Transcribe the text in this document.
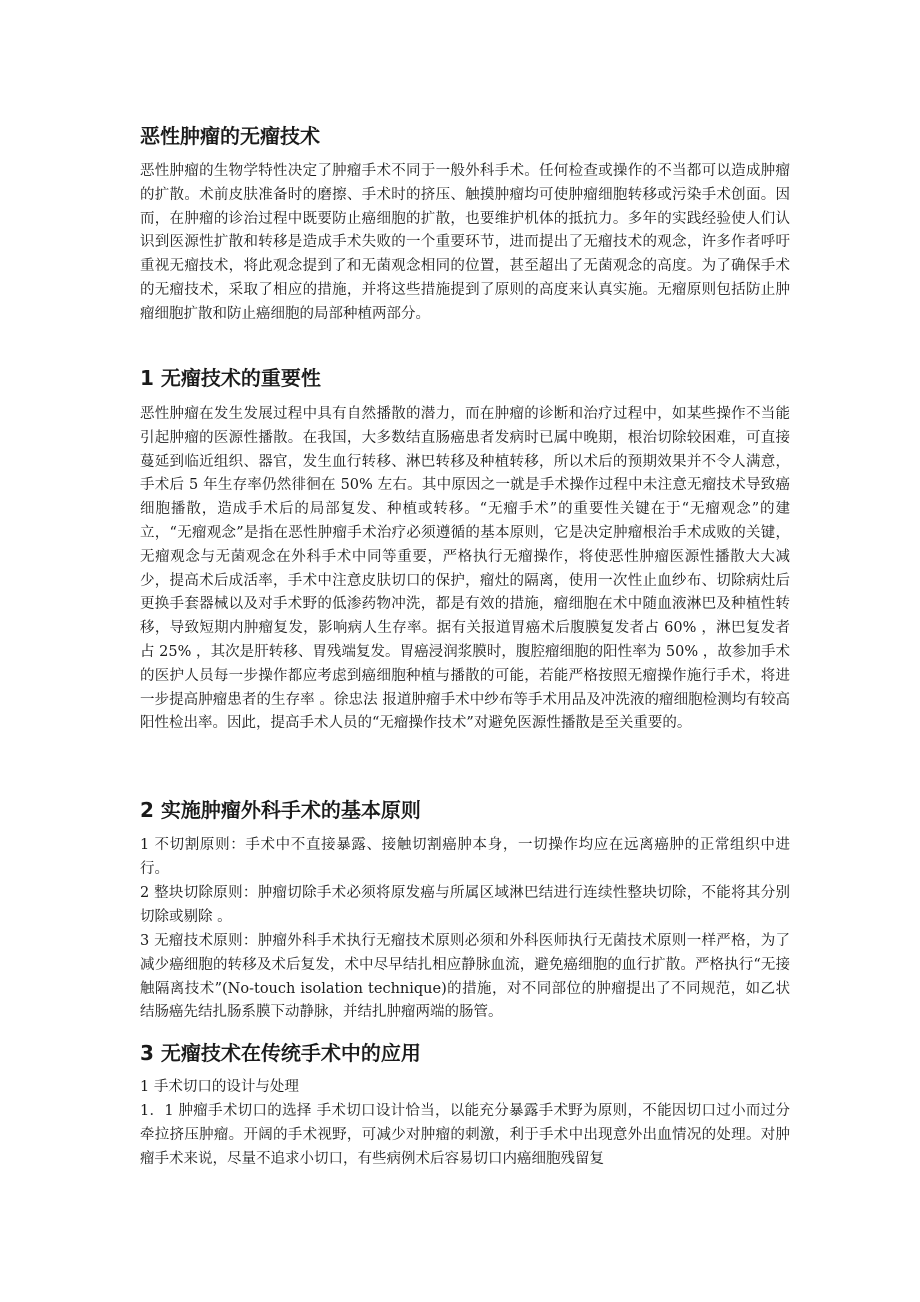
恶性肿瘤的无瘤技术

恶性肿瘤的生物学特性决定了肿瘤手术不同于一般外科手术。任何检查或操作的不当都可以造成肿瘤的扩散。术前皮肤准备时的磨擦、手术时的挤压、触摸肿瘤均可使肿瘤细胞转移或污染手术创面。因而，在肿瘤的诊治过程中既要防止癌细胞的扩散，也要维护机体的抵抗力。多年的实践经验使人们认识到医源性扩散和转移是造成手术失败的一个重要环节，进而提出了无瘤技术的观念，许多作者呼吁重视无瘤技术，将此观念提到了和无菌观念相同的位置，甚至超出了无菌观念的高度。为了确保手术的无瘤技术，采取了相应的措施，并将这些措施提到了原则的高度来认真实施。无瘤原则包括防止肿瘤细胞扩散和防止癌细胞的局部种植两部分。

1 无瘤技术的重要性

恶性肿瘤在发生发展过程中具有自然播散的潜力，而在肿瘤的诊断和治疗过程中，如某些操作不当能引起肿瘤的医源性播散。在我国，大多数结直肠癌患者发病时已属中晚期，根治切除较困难，可直接蔓延到临近组织、器官，发生血行转移、淋巴转移及种植转移，所以术后的预期效果并不令人满意，手术后 5 年生存率仍然徘徊在 50% 左右。其中原因之一就是手术操作过程中未注意无瘤技术导致癌细胞播散，造成手术后的局部复发、种植或转移。“无瘤手术”的重要性关键在于“无瘤观念”的建立，“无瘤观念”是指在恶性肿瘤手术治疗必须遵循的基本原则，它是决定肿瘤根治手术成败的关键，无瘤观念与无菌观念在外科手术中同等重要，严格执行无瘤操作，将使恶性肿瘤医源性播散大大减少，提高术后成活率，手术中注意皮肤切口的保护，瘤灶的隔离，使用一次性止血纱布、切除病灶后更换手套器械以及对手术野的低渗药物冲洗，都是有效的措施，瘤细胞在术中随血液淋巴及种植性转移，导致短期内肿瘤复发，影响病人生存率。据有关报道胃癌术后腹膜复发者占 60% ，淋巴复发者占 25% ，其次是肝转移、胃残端复发。胃癌浸润浆膜时，腹腔瘤细胞的阳性率为 50% ，故参加手术的医护人员每一步操作都应考虑到癌细胞种植与播散的可能，若能严格按照无瘤操作施行手术，将进一步提高肿瘤患者的生存率 。徐忠法 报道肿瘤手术中纱布等手术用品及冲洗液的瘤细胞检测均有较高阳性检出率。因此，提高手术人员的“无瘤操作技术”对避免医源性播散是至关重要的。

2 实施肿瘤外科手术的基本原则

1 不切割原则：手术中不直接暴露、接触切割癌肿本身，一切操作均应在远离癌肿的正常组织中进行。

2 整块切除原则：肿瘤切除手术必须将原发癌与所属区域淋巴结进行连续性整块切除，不能将其分别切除或剔除 。

3 无瘤技术原则：肿瘤外科手术执行无瘤技术原则必须和外科医师执行无菌技术原则一样严格，为了减少癌细胞的转移及术后复发，术中尽早结扎相应静脉血流，避免癌细胞的血行扩散。严格执行“无接触隔离技术”(No-touch isolation technique)的措施，对不同部位的肿瘤提出了不同规范，如乙状结肠癌先结扎肠系膜下动静脉，并结扎肿瘤两端的肠管。

3 无瘤技术在传统手术中的应用

1 手术切口的设计与处理

1．1 肿瘤手术切口的选择 手术切口设计恰当，以能充分暴露手术野为原则，不能因切口过小而过分牵拉挤压肿瘤。开阔的手术视野，可减少对肿瘤的刺激，利于手术中出现意外出血情况的处理。对肿瘤手术来说，尽量不追求小切口，有些病例术后容易切口内癌细胞残留复
